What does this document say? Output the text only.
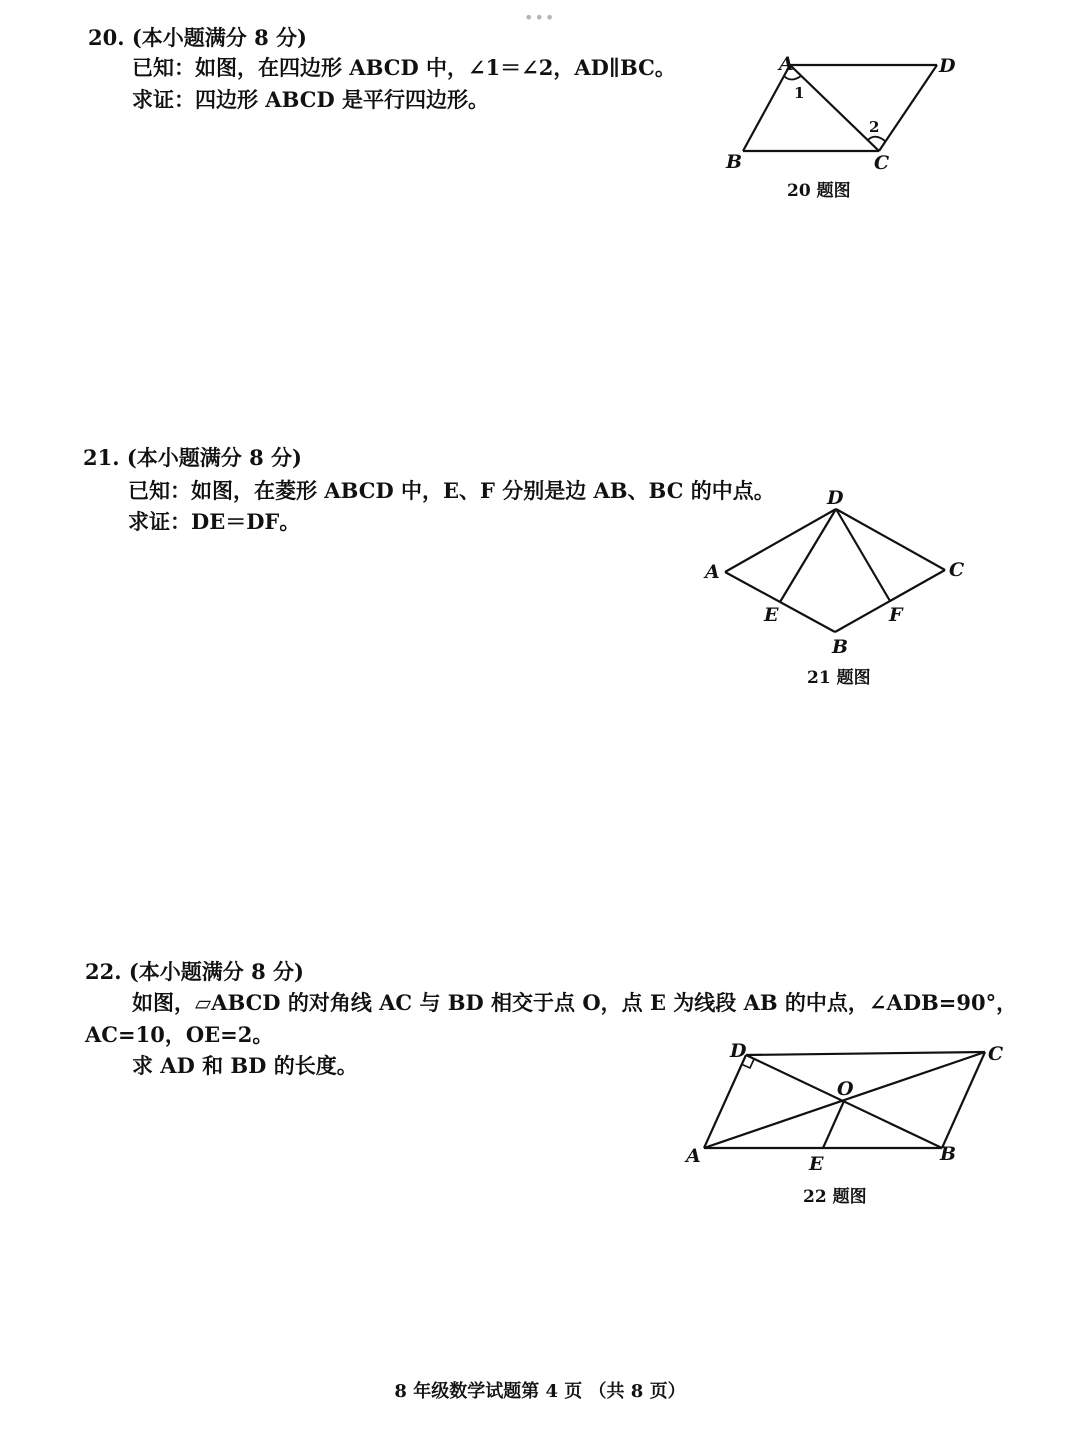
•••
20. (本小题满分 8 分)
已知：如图，在四边形 ABCD 中，∠1＝∠2，AD∥BC。
求证：四边形 ABCD 是平行四边形。
A	D
B	C
1
2
20 题图
21. (本小题满分 8 分)
已知：如图，在菱形 ABCD 中，E、F 分别是边 AB、BC 的中点。
求证：DE＝DF。
D
A	C
E	F
B
21 题图
22. (本小题满分 8 分)
如图，▱ABCD 的对角线 AC 与 BD 相交于点 O，点 E 为线段 AB 的中点，∠ADB=90°，
AC=10，OE=2。
求 AD 和 BD 的长度。
D	C
O
A	B
E
22 题图
8 年级数学试题第 4 页 （共 8 页）
